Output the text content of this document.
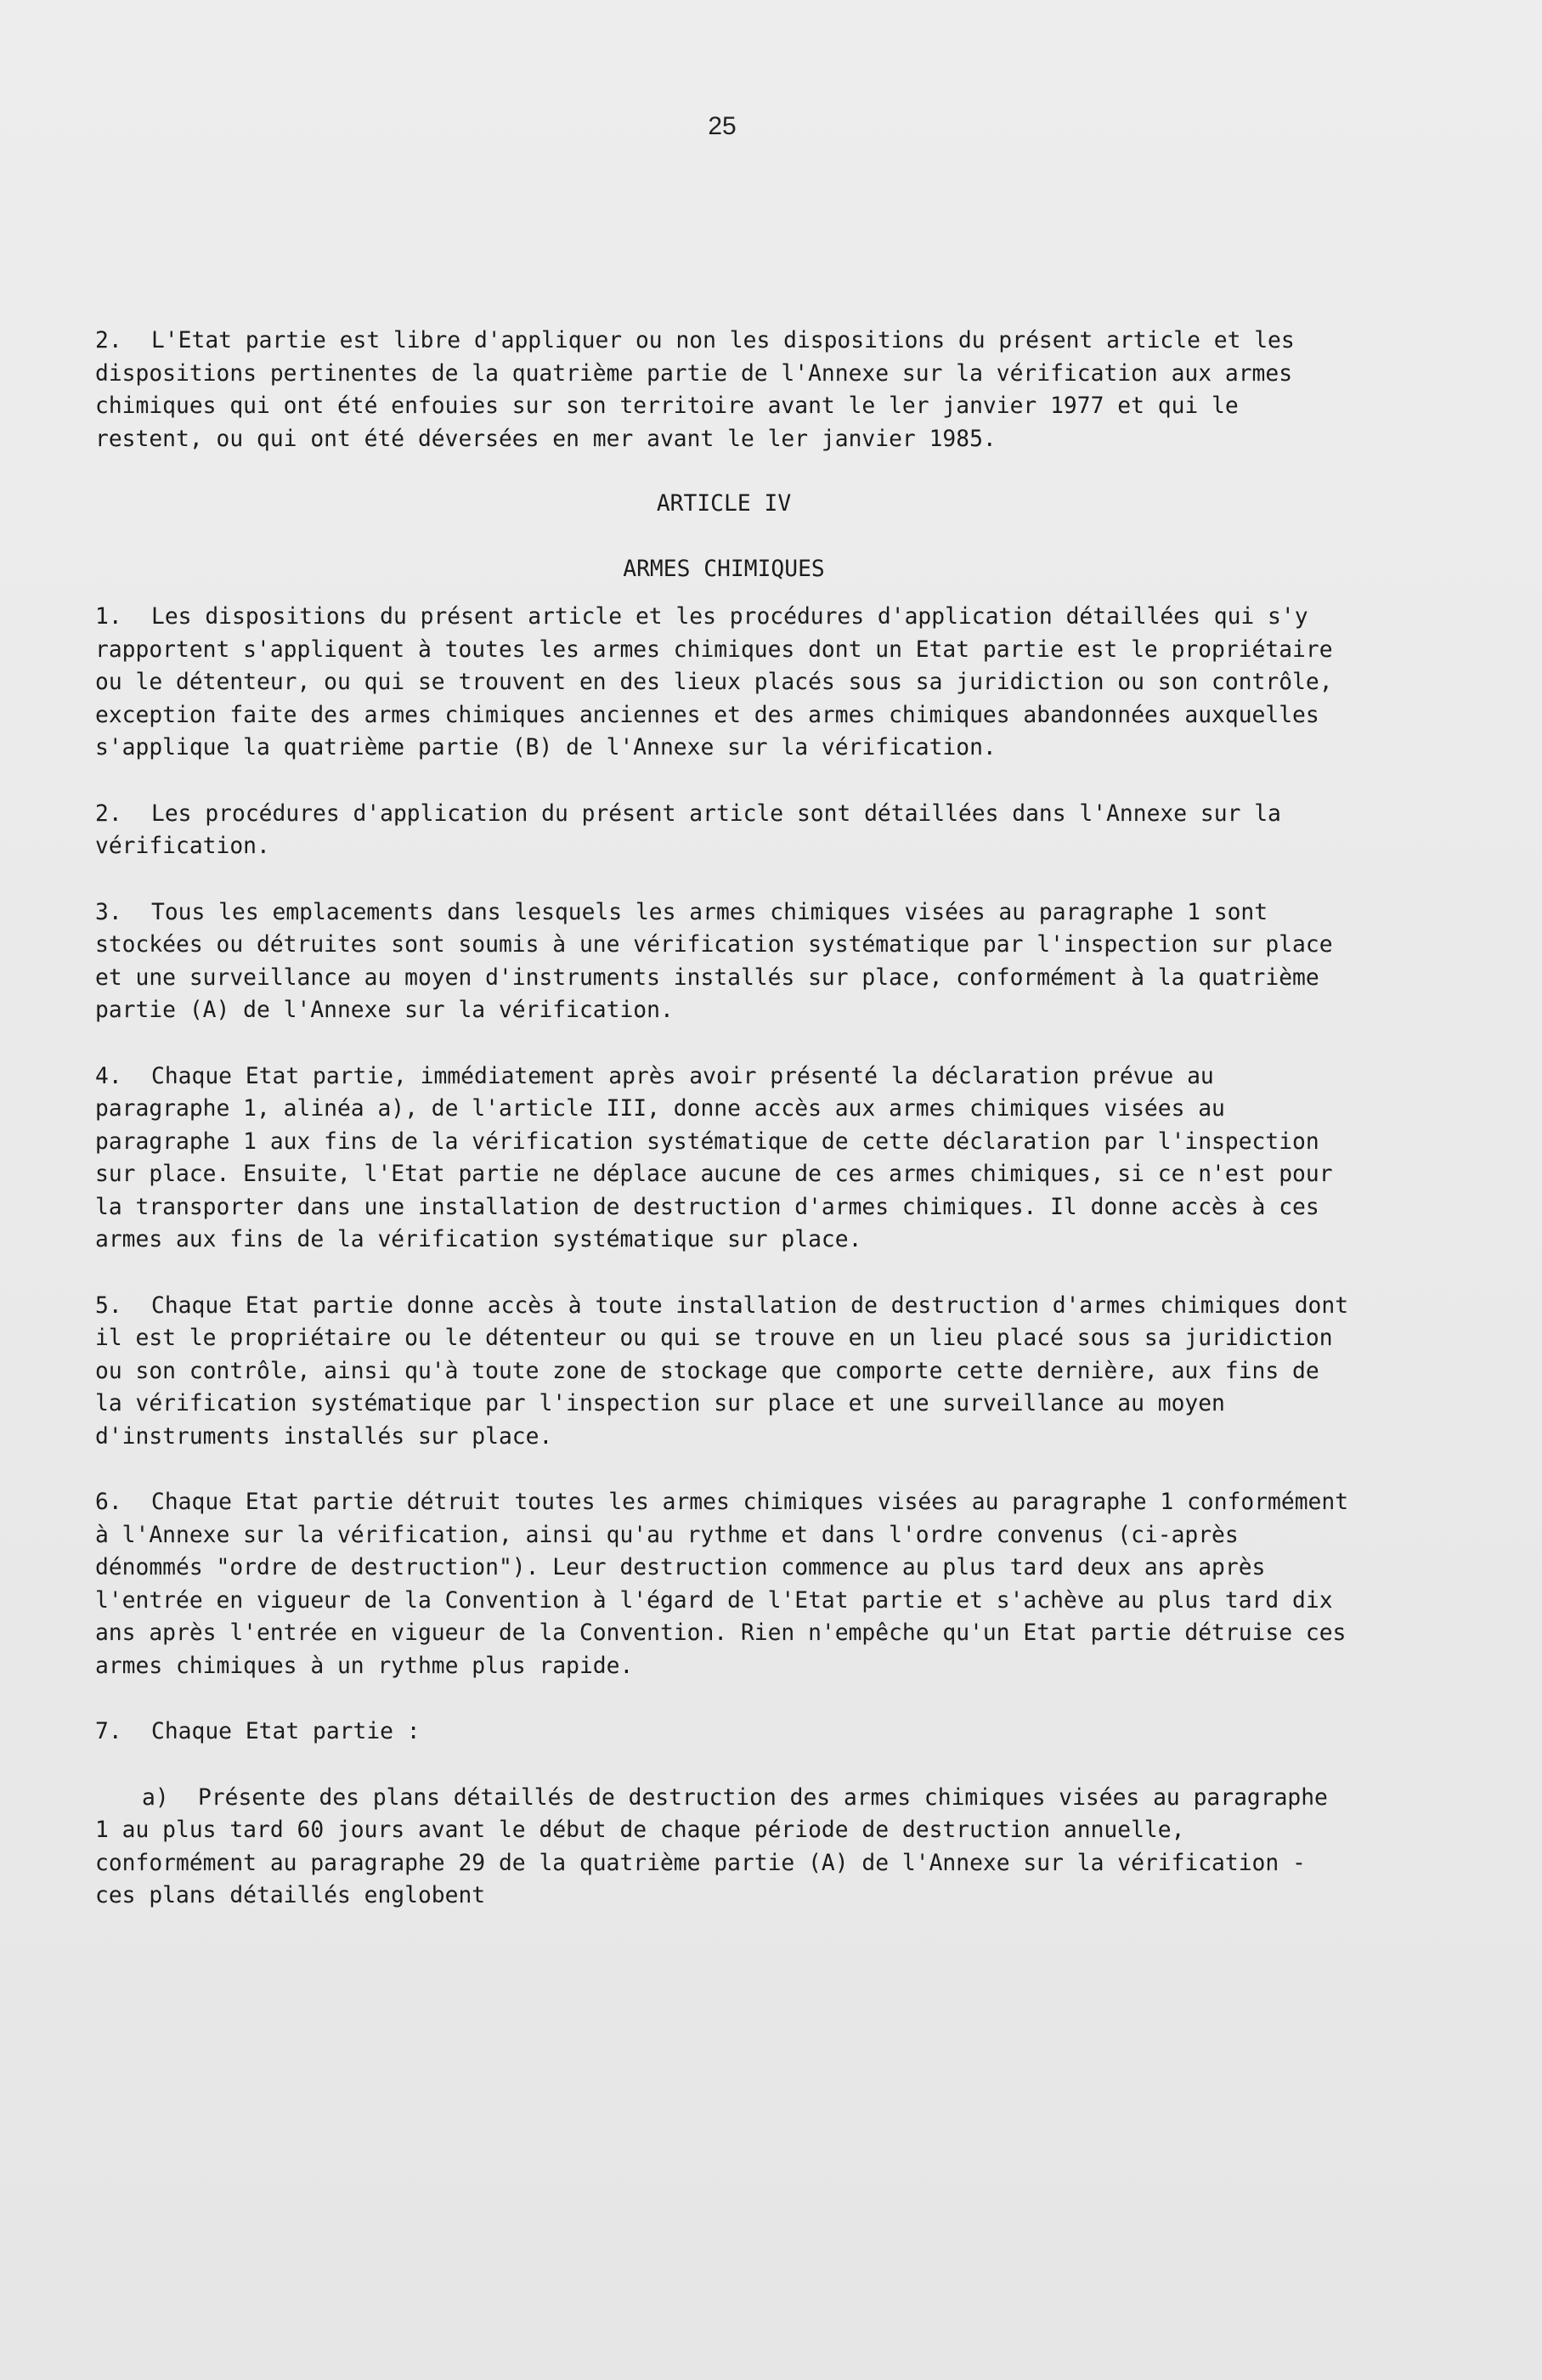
25

2. L'Etat partie est libre d'appliquer ou non les dispositions du présent article et les dispositions pertinentes de la quatrième partie de l'Annexe sur la vérification aux armes chimiques qui ont été enfouies sur son territoire avant le ler janvier 1977 et qui le restent, ou qui ont été déversées en mer avant le ler janvier 1985.

ARTICLE IV
ARMES CHIMIQUES

1. Les dispositions du présent article et les procédures d'application détaillées qui s'y rapportent s'appliquent à toutes les armes chimiques dont un Etat partie est le propriétaire ou le détenteur, ou qui se trouvent en des lieux placés sous sa juridiction ou son contrôle, exception faite des armes chimiques anciennes et des armes chimiques abandonnées auxquelles s'applique la quatrième partie (B) de l'Annexe sur la vérification.

2. Les procédures d'application du présent article sont détaillées dans l'Annexe sur la vérification.

3. Tous les emplacements dans lesquels les armes chimiques visées au paragraphe 1 sont stockées ou détruites sont soumis à une vérification systématique par l'inspection sur place et une surveillance au moyen d'instruments installés sur place, conformément à la quatrième partie (A) de l'Annexe sur la vérification.

4. Chaque Etat partie, immédiatement après avoir présenté la déclaration prévue au paragraphe 1, alinéa a), de l'article III, donne accès aux armes chimiques visées au paragraphe 1 aux fins de la vérification systématique de cette déclaration par l'inspection sur place. Ensuite, l'Etat partie ne déplace aucune de ces armes chimiques, si ce n'est pour la transporter dans une installation de destruction d'armes chimiques. Il donne accès à ces armes aux fins de la vérification systématique sur place.

5. Chaque Etat partie donne accès à toute installation de destruction d'armes chimiques dont il est le propriétaire ou le détenteur ou qui se trouve en un lieu placé sous sa juridiction ou son contrôle, ainsi qu'à toute zone de stockage que comporte cette dernière, aux fins de la vérification systématique par l'inspection sur place et une surveillance au moyen d'instruments installés sur place.

6. Chaque Etat partie détruit toutes les armes chimiques visées au paragraphe 1 conformément à l'Annexe sur la vérification, ainsi qu'au rythme et dans l'ordre convenus (ci-après dénommés "ordre de destruction"). Leur destruction commence au plus tard deux ans après l'entrée en vigueur de la Convention à l'égard de l'Etat partie et s'achève au plus tard dix ans après l'entrée en vigueur de la Convention. Rien n'empêche qu'un Etat partie détruise ces armes chimiques à un rythme plus rapide.

7. Chaque Etat partie :

a) Présente des plans détaillés de destruction des armes chimiques visées au paragraphe 1 au plus tard 60 jours avant le début de chaque période de destruction annuelle, conformément au paragraphe 29 de la quatrième partie (A) de l'Annexe sur la vérification - ces plans détaillés englobent
